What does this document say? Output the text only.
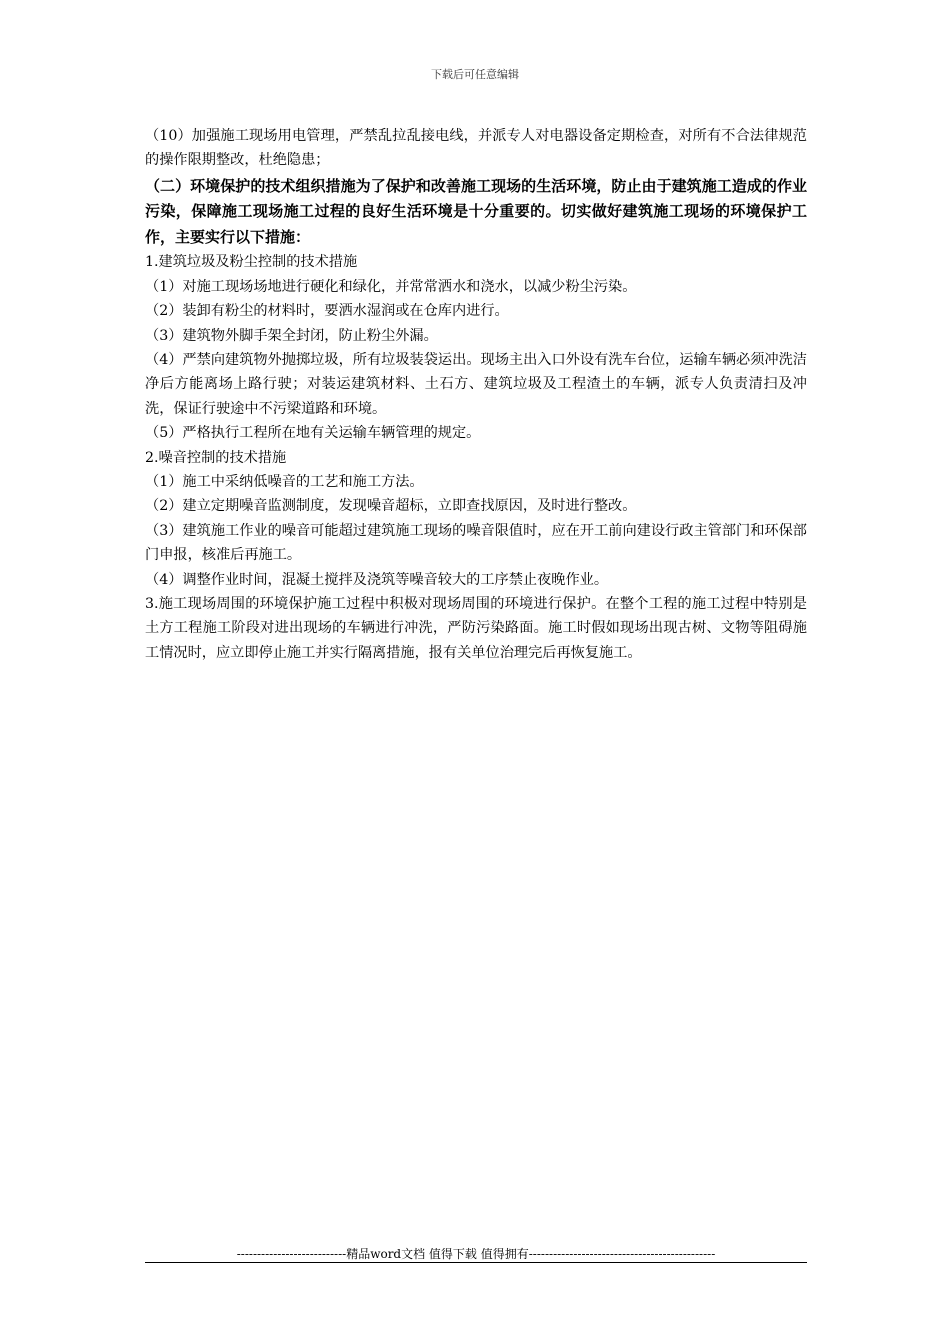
下载后可任意编辑

（10）加强施工现场用电管理，严禁乱拉乱接电线，并派专人对电器设备定期检查，对所有不合法律规范的操作限期整改，杜绝隐患；

（二）环境保护的技术组织措施为了保护和改善施工现场的生活环境，防止由于建筑施工造成的作业污染，保障施工现场施工过程的良好生活环境是十分重要的。切实做好建筑施工现场的环境保护工作，主要实行以下措施：

1.建筑垃圾及粉尘控制的技术措施

（1）对施工现场场地进行硬化和绿化，并常常洒水和浇水，以减少粉尘污染。

（2）装卸有粉尘的材料时，要洒水湿润或在仓库内进行。

（3）建筑物外脚手架全封闭，防止粉尘外漏。

（4）严禁向建筑物外抛掷垃圾，所有垃圾装袋运出。现场主出入口外设有洗车台位，运输车辆必须冲洗洁净后方能离场上路行驶；对装运建筑材料、土石方、建筑垃圾及工程渣土的车辆，派专人负责清扫及冲洗，保证行驶途中不污梁道路和环境。

（5）严格执行工程所在地有关运输车辆管理的规定。

2.噪音控制的技术措施

（1）施工中采纳低噪音的工艺和施工方法。

（2）建立定期噪音监测制度，发现噪音超标，立即查找原因，及时进行整改。

（3）建筑施工作业的噪音可能超过建筑施工现场的噪音限值时，应在开工前向建设行政主管部门和环保部门申报，核准后再施工。

（4）调整作业时间，混凝土搅拌及浇筑等噪音较大的工序禁止夜晚作业。

3.施工现场周围的环境保护施工过程中积极对现场周围的环境进行保护。在整个工程的施工过程中特别是土方工程施工阶段对进出现场的车辆进行冲洗，严防污染路面。施工时假如现场出现古树、文物等阻碍施工情况时，应立即停止施工并实行隔离措施，报有关单位治理完后再恢复施工。

---------------------------精品word文档 值得下载 值得拥有----------------------------------------------
